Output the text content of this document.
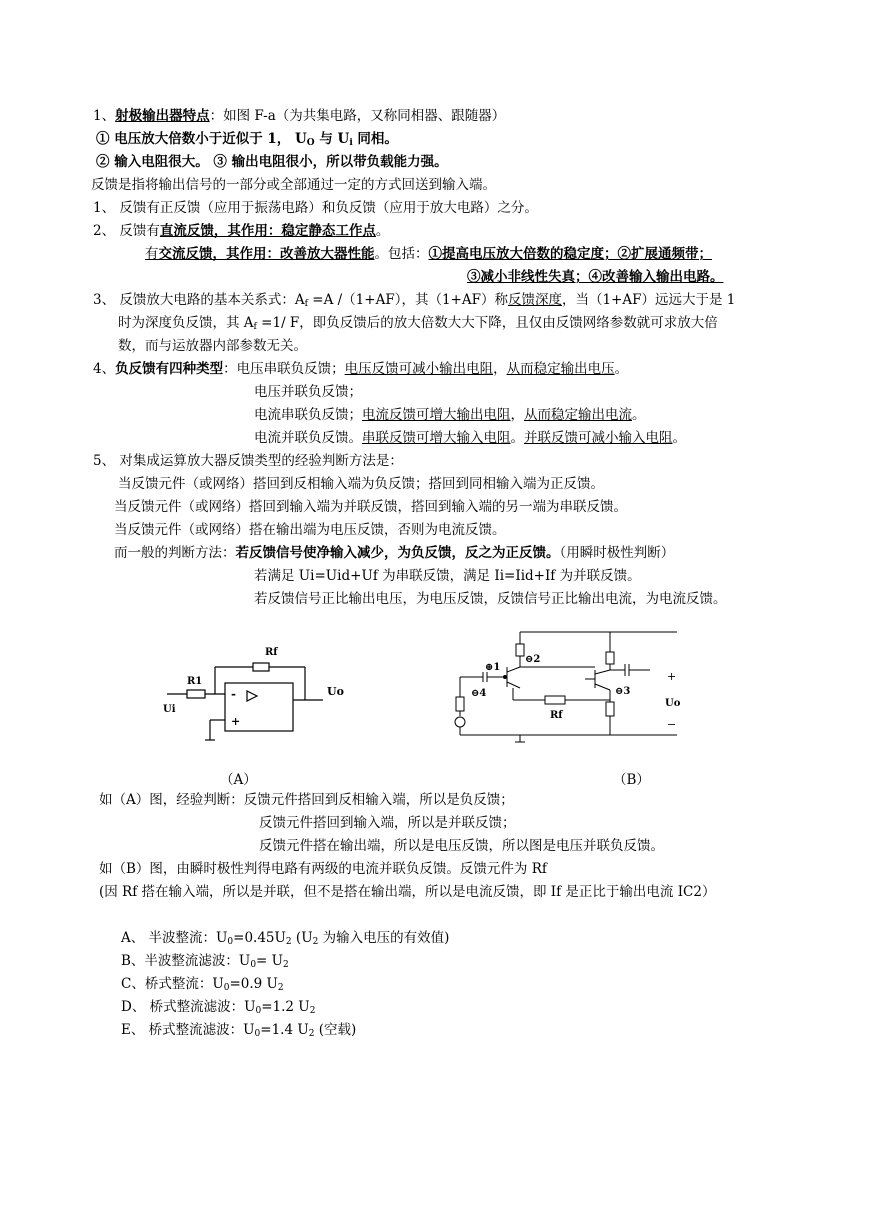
1、射极输出器特点：如图 F-a（为共集电路，又称同相器、跟随器）
① 电压放大倍数小于近似于 1， $U_O$ 与 $U_i$ 同相。
② 输入电阻很大。 ③ 输出电阻很小，所以带负载能力强。
反馈是指将输出信号的一部分或全部通过一定的方式回送到输入端。
1、 反馈有正反馈（应用于振荡电路）和负反馈（应用于放大电路）之分。
2、 反馈有直流反馈，其作用：稳定静态工作点。
有交流反馈，其作用：改善放大器性能。包括：①提高电压放大倍数的稳定度；②扩展通频带；
③减小非线性失真；④改善输入输出电路。
3、 反馈放大电路的基本关系式：$A_f =A$ /（1+AF），其（1+AF）称反馈深度，当（1+AF）远远大于是 1
时为深度负反馈，其 $A_f =1/$ F，即负反馈后的放大倍数大大下降，且仅由反馈网络参数就可求放大倍
数，而与运放器内部参数无关。
4、负反馈有四种类型：电压串联负反馈；电压反馈可减小输出电阻，从而稳定输出电压。
电压并联负反馈；
电流串联负反馈；电流反馈可增大输出电阻，从而稳定输出电流。
电流并联负反馈。串联反馈可增大输入电阻。并联反馈可减小输入电阻。
5、 对集成运算放大器反馈类型的经验判断方法是：
当反馈元件（或网络）搭回到反相输入端为负反馈；搭回到同相输入端为正反馈。
当反馈元件（或网络）搭回到输入端为并联反馈，搭回到输入端的另一端为串联反馈。
当反馈元件（或网络）搭在输出端为电压反馈，否则为电流反馈。
而一般的判断方法：若反馈信号使净输入减少，为负反馈，反之为正反馈。（用瞬时极性判断）
若满足 Ui=Uid+Uf 为串联反馈，满足 Ii=Iid+If 为并联反馈。
若反馈信号正比输出电压，为电压反馈，反馈信号正比输出电流，为电流反馈。
Rf
R1
Ui
Uo
-
+
（A）
⊕1
⊖2
⊖3
⊖4
Rf
+
Uo
−
（B）
如（A）图，经验判断：反馈元件搭回到反相输入端，所以是负反馈；
反馈元件搭回到输入端，所以是并联反馈；
反馈元件搭在输出端，所以是电压反馈，所以图是电压并联负反馈。
如（B）图，由瞬时极性判得电路有两级的电流并联负反馈。反馈元件为 Rf
(因 Rf 搭在输入端，所以是并联，但不是搭在输出端，所以是电流反馈，即 If 是正比于输出电流 IC2）
A、 半波整流：$U_0=0.45U_2$ ($U_2$ 为输入电压的有效值)
B、半波整流滤波：$U_0= U_2$
C、桥式整流：$U_0=0.9$ $U_2$
D、 桥式整流滤波：$U_0=1.2$ $U_2$
E、 桥式整流滤波：$U_0=1.4$ $U_2$ (空载)
